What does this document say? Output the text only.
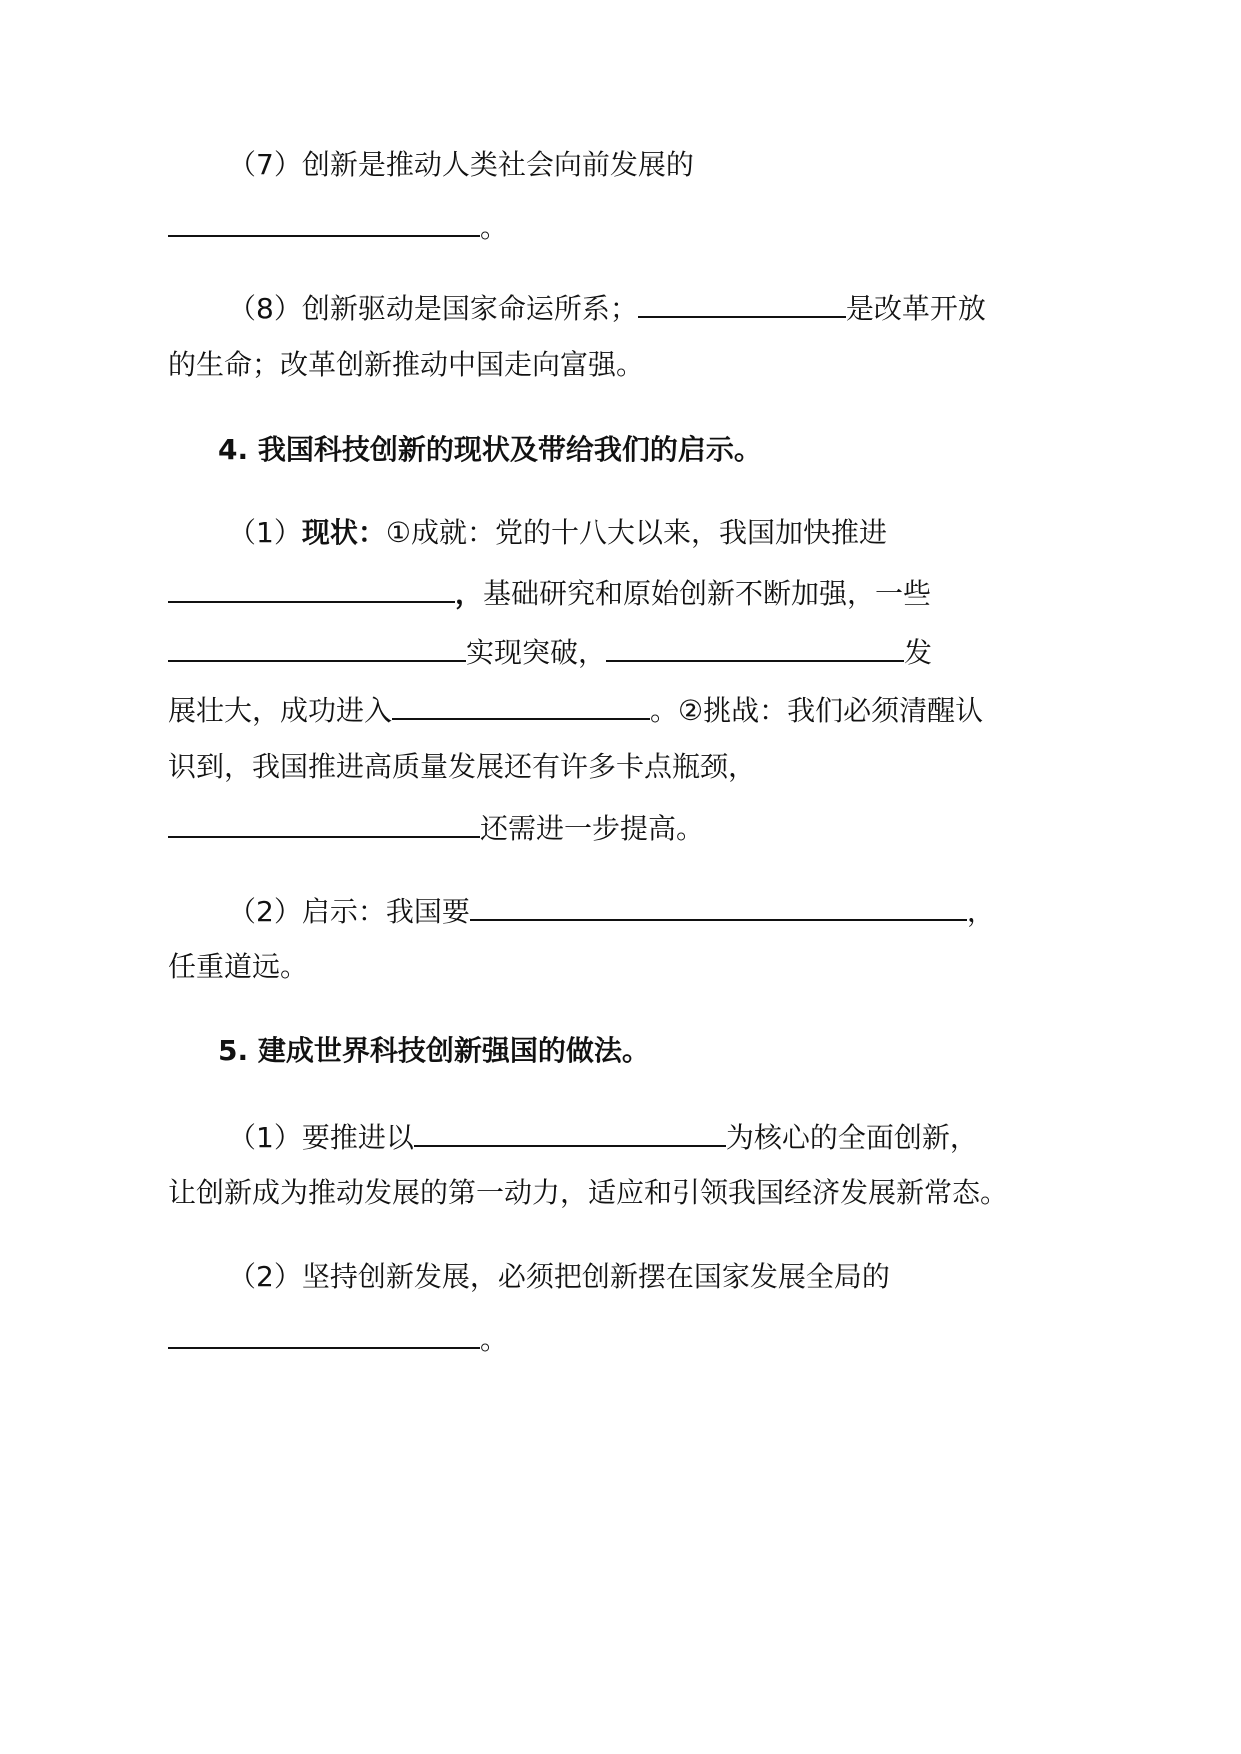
（7）创新是推动人类社会向前发展的
。
（8）创新驱动是国家命运所系；	是改革开放
的生命；改革创新推动中国走向富强。
4. 我国科技创新的现状及带给我们的启示。
（1）现状：①成就：党的十八大以来，我国加快推进
，基础研究和原始创新不断加强，一些
实现突破，	发
展壮大，成功进入	。②挑战：我们必须清醒认
识到，我国推进高质量发展还有许多卡点瓶颈，
还需进一步提高。
（2）启示：我国要	，
任重道远。
5. 建成世界科技创新强国的做法。
（1）要推进以	为核心的全面创新，
让创新成为推动发展的第一动力，适应和引领我国经济发展新常态。
（2）坚持创新发展，必须把创新摆在国家发展全局的
。
